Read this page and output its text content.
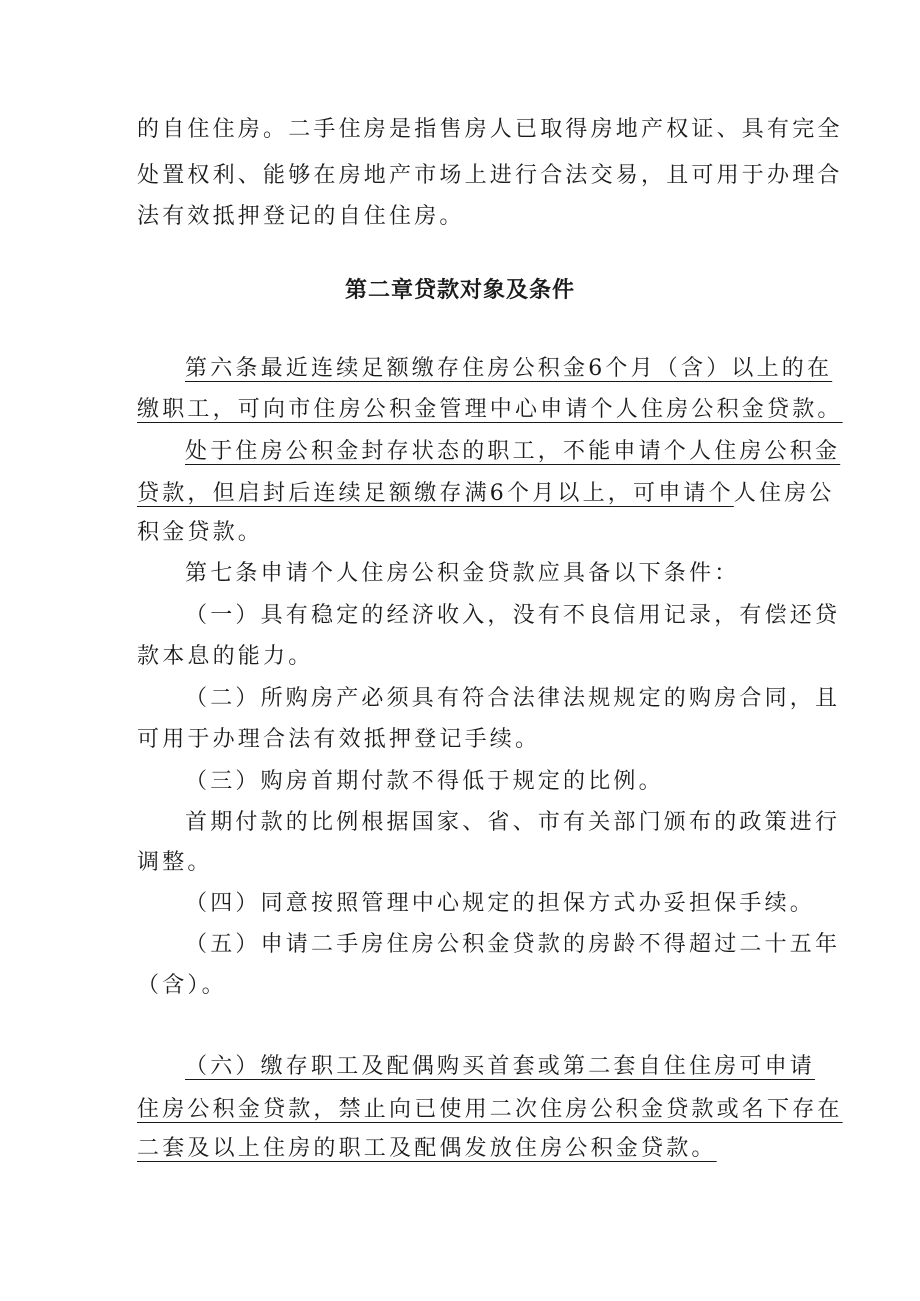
的自住住房。二手住房是指售房人已取得房地产权证、具有完全
处置权利、能够在房地产市场上进行合法交易，且可用于办理合
法有效抵押登记的自住住房。
第二章贷款对象及条件
第六条最近连续足额缴存住房公积金6个月（含）以上的在
缴职工，可向市住房公积金管理中心申请个人住房公积金贷款。
处于住房公积金封存状态的职工，不能申请个人住房公积金
贷款，但启封后连续足额缴存满6个月以上，可申请个人住房公
积金贷款。
第七条申请个人住房公积金贷款应具备以下条件：
（一）具有稳定的经济收入，没有不良信用记录，有偿还贷
款本息的能力。
（二）所购房产必须具有符合法律法规规定的购房合同，且
可用于办理合法有效抵押登记手续。
（三）购房首期付款不得低于规定的比例。
首期付款的比例根据国家、省、市有关部门颁布的政策进行
调整。
（四）同意按照管理中心规定的担保方式办妥担保手续。
（五）申请二手房住房公积金贷款的房龄不得超过二十五年
（含）。
（六）缴存职工及配偶购买首套或第二套自住住房可申请
住房公积金贷款，禁止向已使用二次住房公积金贷款或名下存在
二套及以上住房的职工及配偶发放住房公积金贷款。
